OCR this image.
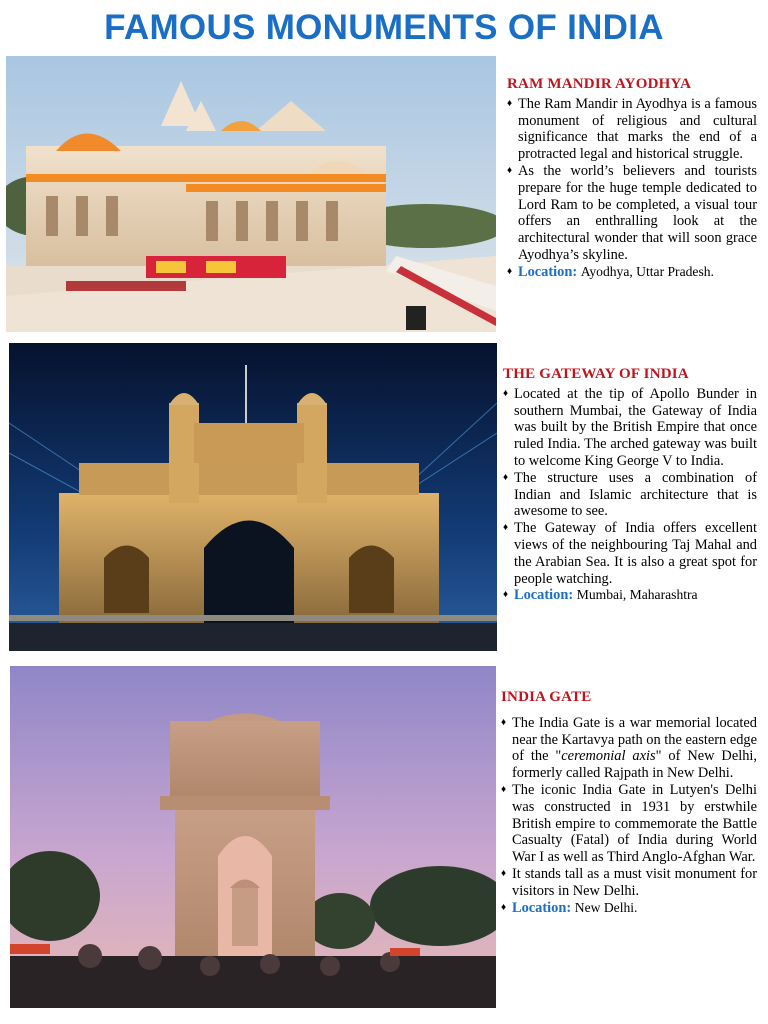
FAMOUS MONUMENTS OF INDIA
RAM MANDIR AYODHYA
♦ The Ram Mandir in Ayodhya is a famous monument of religious and cultural significance that marks the end of a protracted legal and historical struggle.
♦ As the world’s believers and tourists prepare for the huge temple dedicated to Lord Ram to be completed, a visual tour offers an enthralling look at the architectural wonder that will soon grace Ayodhya’s skyline.
♦ Location: Ayodhya, Uttar Pradesh.
THE GATEWAY OF INDIA
♦ Located at the tip of Apollo Bunder in southern Mumbai, the Gateway of India was built by the British Empire that once ruled India. The arched gateway was built to welcome King George V to India.
♦ The structure uses a combination of Indian and Islamic architecture that is awesome to see.
♦ The Gateway of India offers excellent views of the neighbouring Taj Mahal and the Arabian Sea. It is also a great spot for people watching.
♦ Location: Mumbai, Maharashtra
INDIA GATE
♦ The India Gate is a war memorial located near the Kartavya path on the eastern edge of the "ceremonial axis" of New Delhi, formerly called Rajpath in New Delhi.
♦ The iconic India Gate in Lutyen's Delhi was constructed in 1931 by erstwhile British empire to commemorate the Battle Casualty (Fatal) of India during World War I as well as Third Anglo-Afghan War.
♦ It stands tall as a must visit monument for visitors in New Delhi.
♦ Location: New Delhi.
